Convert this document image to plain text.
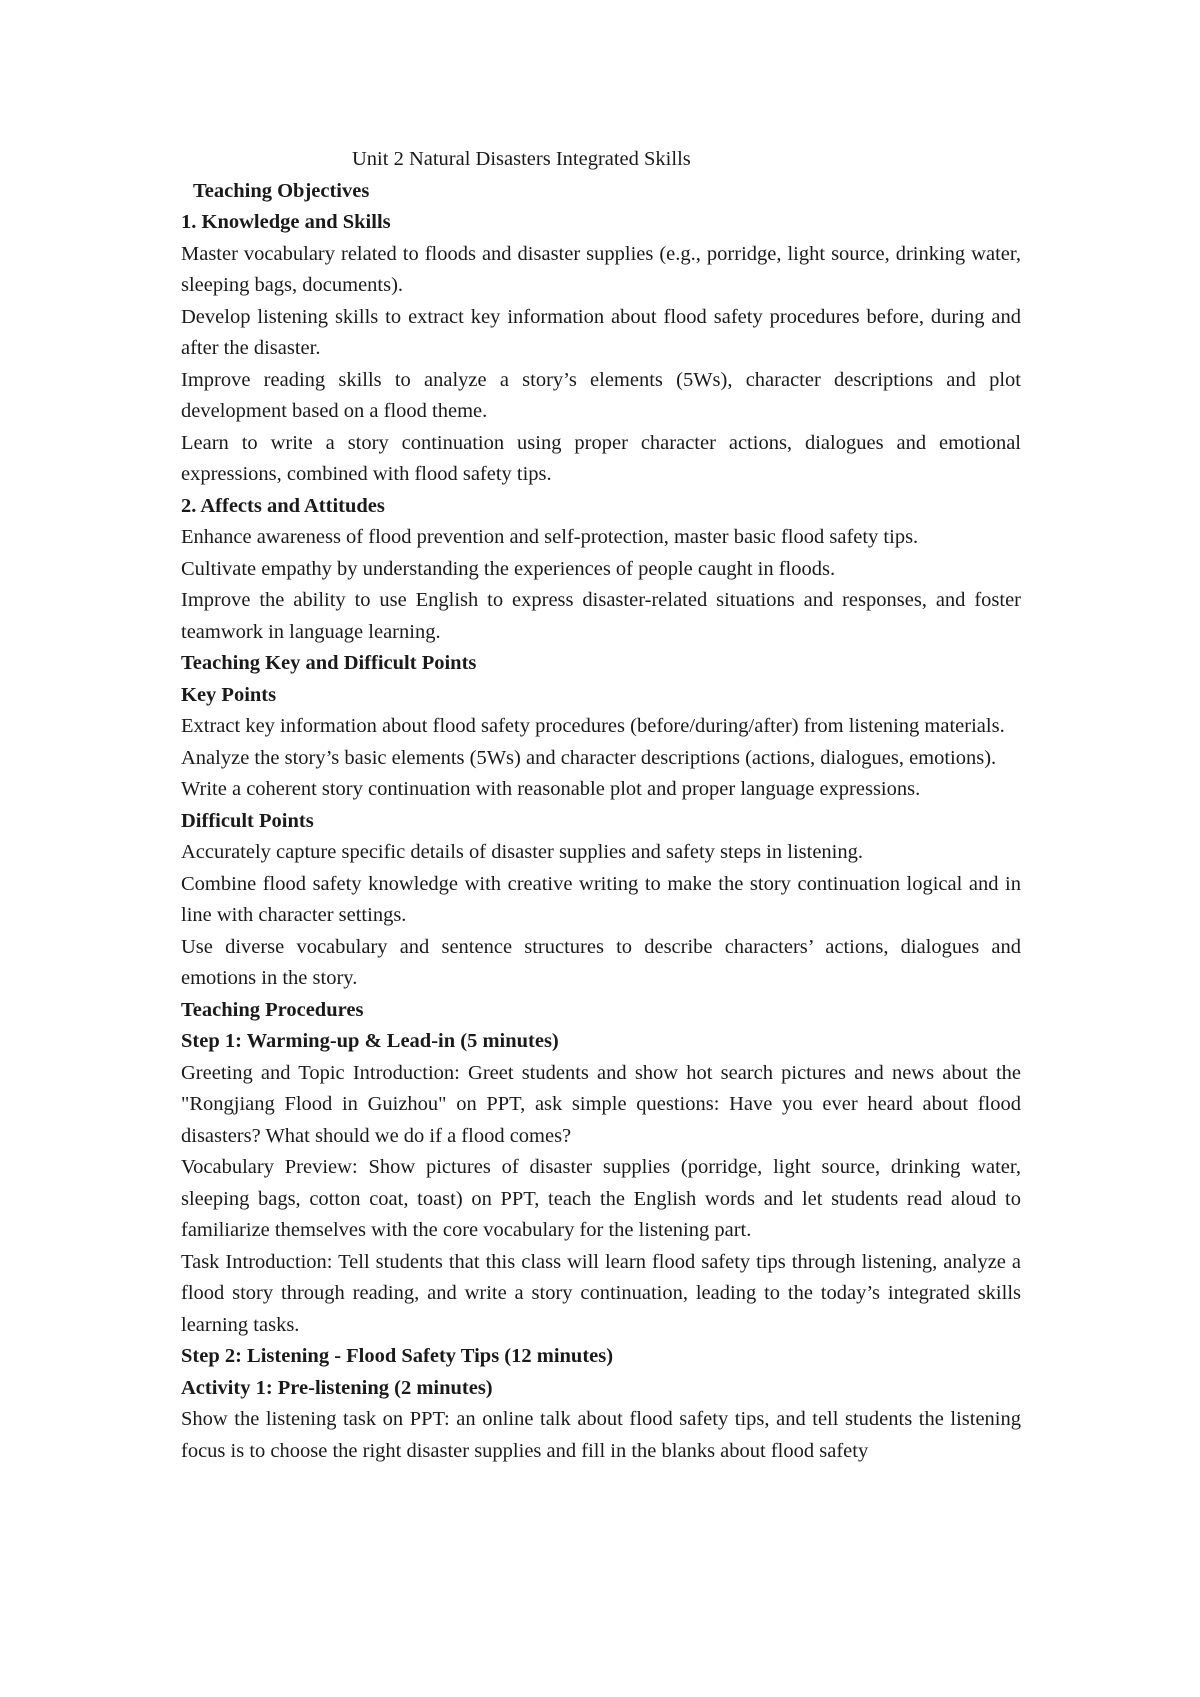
Unit 2 Natural Disasters Integrated Skills

Teaching Objectives

1. Knowledge and Skills

Master vocabulary related to floods and disaster supplies (e.g., porridge, light source, drinking water, sleeping bags, documents).

Develop listening skills to extract key information about flood safety procedures before, during and after the disaster.

Improve reading skills to analyze a story’s elements (5Ws), character descriptions and plot development based on a flood theme.

Learn to write a story continuation using proper character actions, dialogues and emotional expressions, combined with flood safety tips.

2. Affects and Attitudes

Enhance awareness of flood prevention and self-protection, master basic flood safety tips.

Cultivate empathy by understanding the experiences of people caught in floods.

Improve the ability to use English to express disaster-related situations and responses, and foster teamwork in language learning.

Teaching Key and Difficult Points

Key Points

Extract key information about flood safety procedures (before/during/after) from listening materials.

Analyze the story’s basic elements (5Ws) and character descriptions (actions, dialogues, emotions).

Write a coherent story continuation with reasonable plot and proper language expressions.

Difficult Points

Accurately capture specific details of disaster supplies and safety steps in listening.

Combine flood safety knowledge with creative writing to make the story continuation logical and in line with character settings.

Use diverse vocabulary and sentence structures to describe characters’ actions, dialogues and emotions in the story.

Teaching Procedures

Step 1: Warming-up & Lead-in (5 minutes)

Greeting and Topic Introduction: Greet students and show hot search pictures and news about the "Rongjiang Flood in Guizhou" on PPT, ask simple questions: Have you ever heard about flood disasters? What should we do if a flood comes?

Vocabulary Preview: Show pictures of disaster supplies (porridge, light source, drinking water, sleeping bags, cotton coat, toast) on PPT, teach the English words and let students read aloud to familiarize themselves with the core vocabulary for the listening part.

Task Introduction: Tell students that this class will learn flood safety tips through listening, analyze a flood story through reading, and write a story continuation, leading to the today’s integrated skills learning tasks.

Step 2: Listening - Flood Safety Tips (12 minutes)

Activity 1: Pre-listening (2 minutes)

Show the listening task on PPT: an online talk about flood safety tips, and tell students the listening focus is to choose the right disaster supplies and fill in the blanks about flood safety
